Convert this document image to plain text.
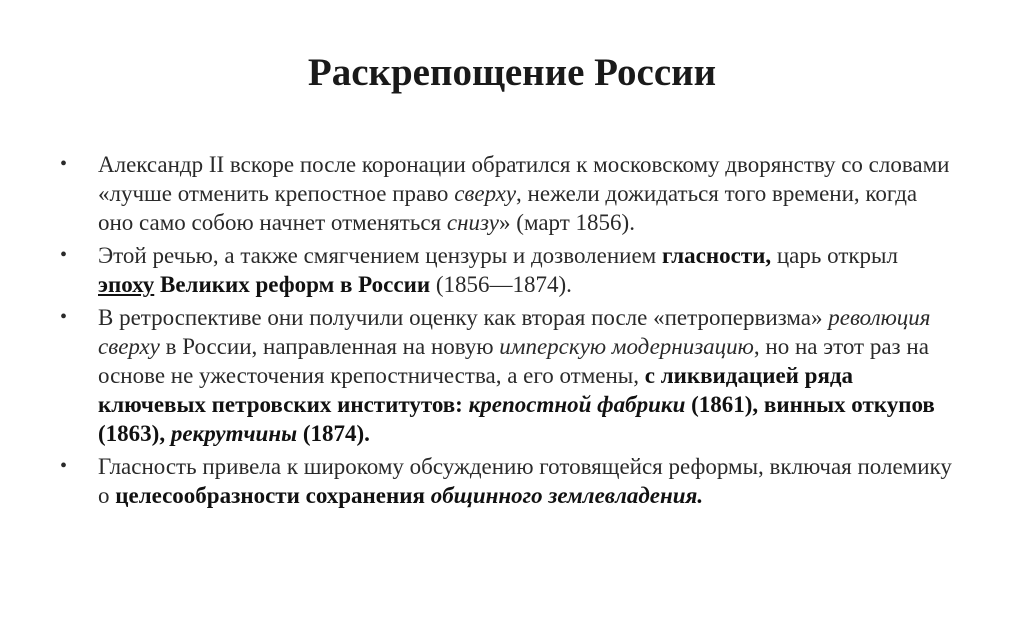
Раскрепощение России
• Александр II вскоре после коронации обратился к московскому дворянству со словами «лучше отменить крепостное право сверху, нежели дожидаться того времени, когда оно само собою начнет отменяться снизу» (март 1856).
• Этой речью, а также смягчением цензуры и дозволением гласности, царь открыл эпоху Великих реформ в России (1856—1874).
• В ретроспективе они получили оценку как вторая после «петропервизма» революция сверху в России, направленная на новую имперскую модернизацию, но на этот раз на основе не ужесточения крепостничества, а его отмены, с ликвидацией ряда ключевых петровских институтов: крепостной фабрики (1861), винных откупов (1863), рекрутчины (1874).
• Гласность привела к широкому обсуждению готовящейся реформы, включая полемику о целесообразности сохранения общинного землевладения.
